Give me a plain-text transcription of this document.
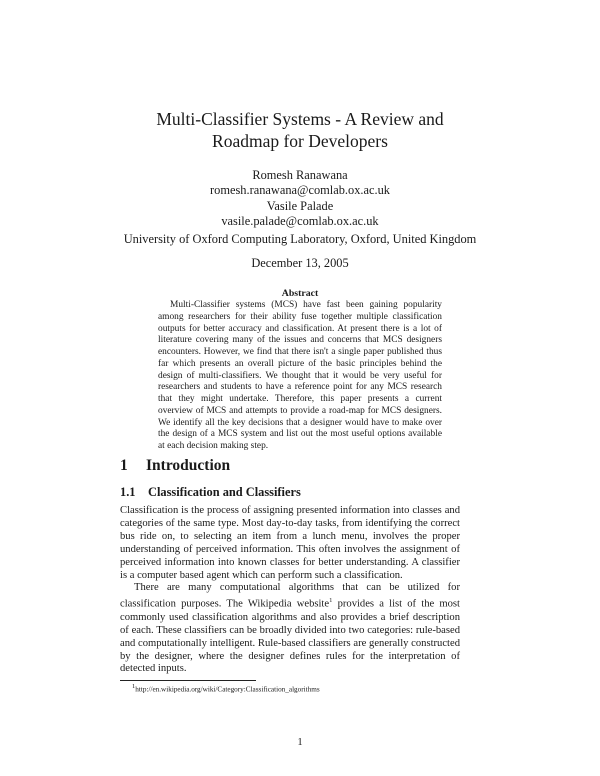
Multi-Classifier Systems - A Review and
Roadmap for Developers
Romesh Ranawana
romesh.ranawana@comlab.ox.ac.uk
Vasile Palade
vasile.palade@comlab.ox.ac.uk
University of Oxford Computing Laboratory, Oxford, United Kingdom
December 13, 2005
Abstract
Multi-Classifier systems (MCS) have fast been gaining popularity among researchers for their ability fuse together multiple classification outputs for better accuracy and classification. At present there is a lot of literature covering many of the issues and concerns that MCS designers encounters. However, we find that there isn't a single paper published thus far which presents an overall picture of the basic principles behind the design of multi-classifiers. We thought that it would be very useful for researchers and students to have a reference point for any MCS research that they might undertake. Therefore, this paper presents a current overview of MCS and attempts to provide a road-map for MCS designers. We identify all the key decisions that a designer would have to make over the design of a MCS system and list out the most useful options available at each decision making step.
1 Introduction
1.1 Classification and Classifiers

Classification is the process of assigning presented information into classes and categories of the same type. Most day-to-day tasks, from identifying the correct bus ride on, to selecting an item from a lunch menu, involves the proper understanding of perceived information. This often involves the assignment of perceived information into known classes for better understanding. A classifier is a computer based agent which can perform such a classification.

There are many computational algorithms that can be utilized for classification purposes. The Wikipedia website$^1$ provides a list of the most commonly used classification algorithms and also provides a brief description of each. These classifiers can be broadly divided into two categories: rule-based and computationally intelligent. Rule-based classifiers are generally constructed by the designer, where the designer defines rules for the interpretation of detected inputs.

$^1$http://en.wikipedia.org/wiki/Category:Classification_algorithms
1
